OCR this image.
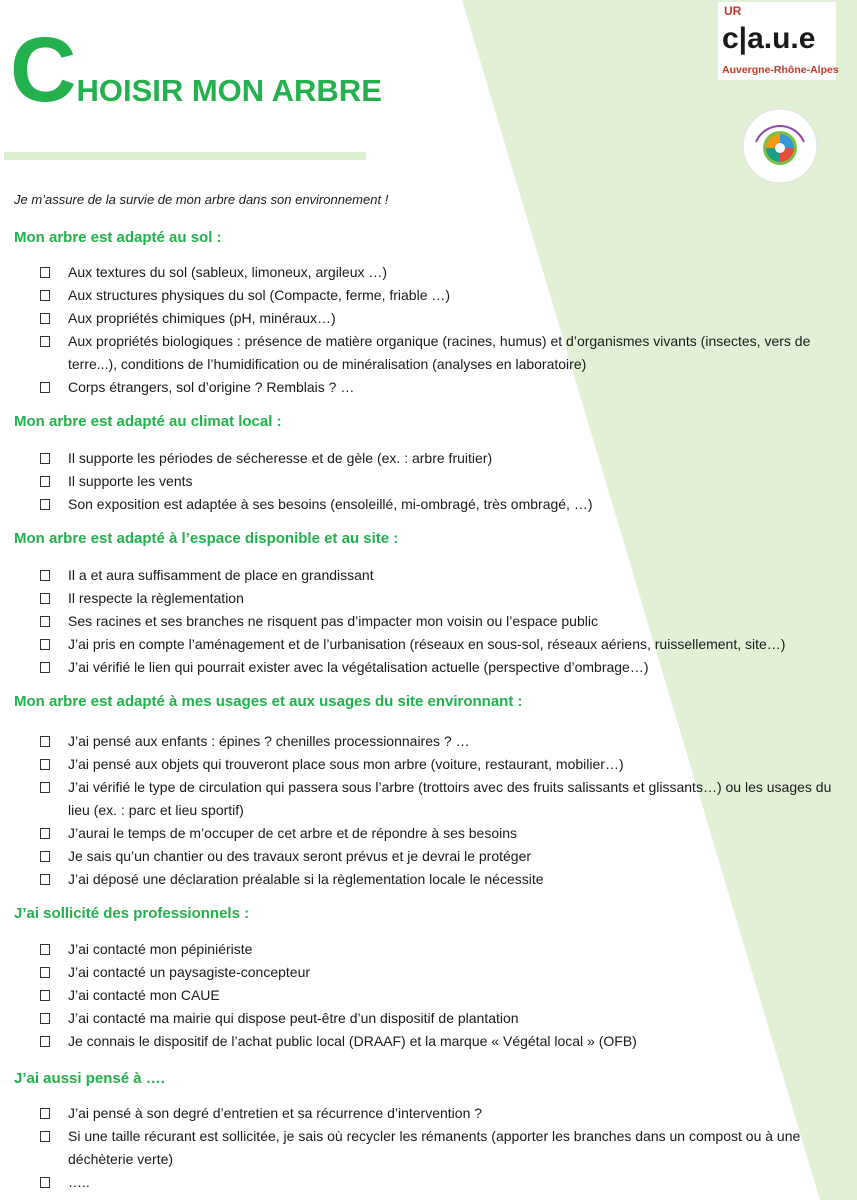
C HOISIR MON ARBRE
UR
c|a.u.e
Auvergne-Rhône-Alpes
Je m’assure de la survie de mon arbre dans son environnement !
Mon arbre est adapté au sol :
Aux textures du sol (sableux, limoneux, argileux …)
Aux structures physiques du sol (Compacte, ferme, friable …)
Aux propriétés chimiques (pH, minéraux…)
Aux propriétés biologiques : présence de matière organique (racines, humus) et d’organismes vivants (insectes, vers de terre...), conditions de l’humidification ou de minéralisation (analyses en laboratoire)
Corps étrangers, sol d’origine ? Remblais ? …
Mon arbre est adapté au climat local :
Il supporte les périodes de sécheresse et de gèle (ex. : arbre fruitier)
Il supporte les vents
Son exposition est adaptée à ses besoins (ensoleillé, mi-ombragé, très ombragé, …)
Mon arbre est adapté à l’espace disponible et au site :
Il a et aura suffisamment de place en grandissant
Il respecte la règlementation
Ses racines et ses branches ne risquent pas d’impacter mon voisin ou l’espace public
J’ai pris en compte l’aménagement et de l’urbanisation (réseaux en sous-sol, réseaux aériens, ruissellement, site…)
J’ai vérifié le lien qui pourrait exister avec la végétalisation actuelle (perspective d’ombrage…)
Mon arbre est adapté à mes usages et aux usages du site environnant :
J’ai pensé aux enfants : épines ? chenilles processionnaires ? …
J’ai pensé aux objets qui trouveront place sous mon arbre (voiture, restaurant, mobilier…)
J’ai vérifié le type de circulation qui passera sous l’arbre (trottoirs avec des fruits salissants et glissants…) ou les usages du lieu (ex. : parc et lieu sportif)
J’aurai le temps de m’occuper de cet arbre et de répondre à ses besoins
Je sais qu’un chantier ou des travaux seront prévus et je devrai le protéger
J’ai déposé une déclaration préalable si la règlementation locale le nécessite
J’ai sollicité des professionnels :
J’ai contacté mon pépiniériste
J’ai contacté un paysagiste-concepteur
J’ai contacté mon CAUE
J’ai contacté ma mairie qui dispose peut-être d’un dispositif de plantation
Je connais le dispositif de l’achat public local (DRAAF) et la marque « Végétal local » (OFB)
J’ai aussi pensé à ….
J’ai pensé à son degré d’entretien et sa récurrence d’intervention ?
Si une taille récurant est sollicitée, je sais où recycler les rémanents (apporter les branches dans un compost ou à une déchèterie verte)
…..
